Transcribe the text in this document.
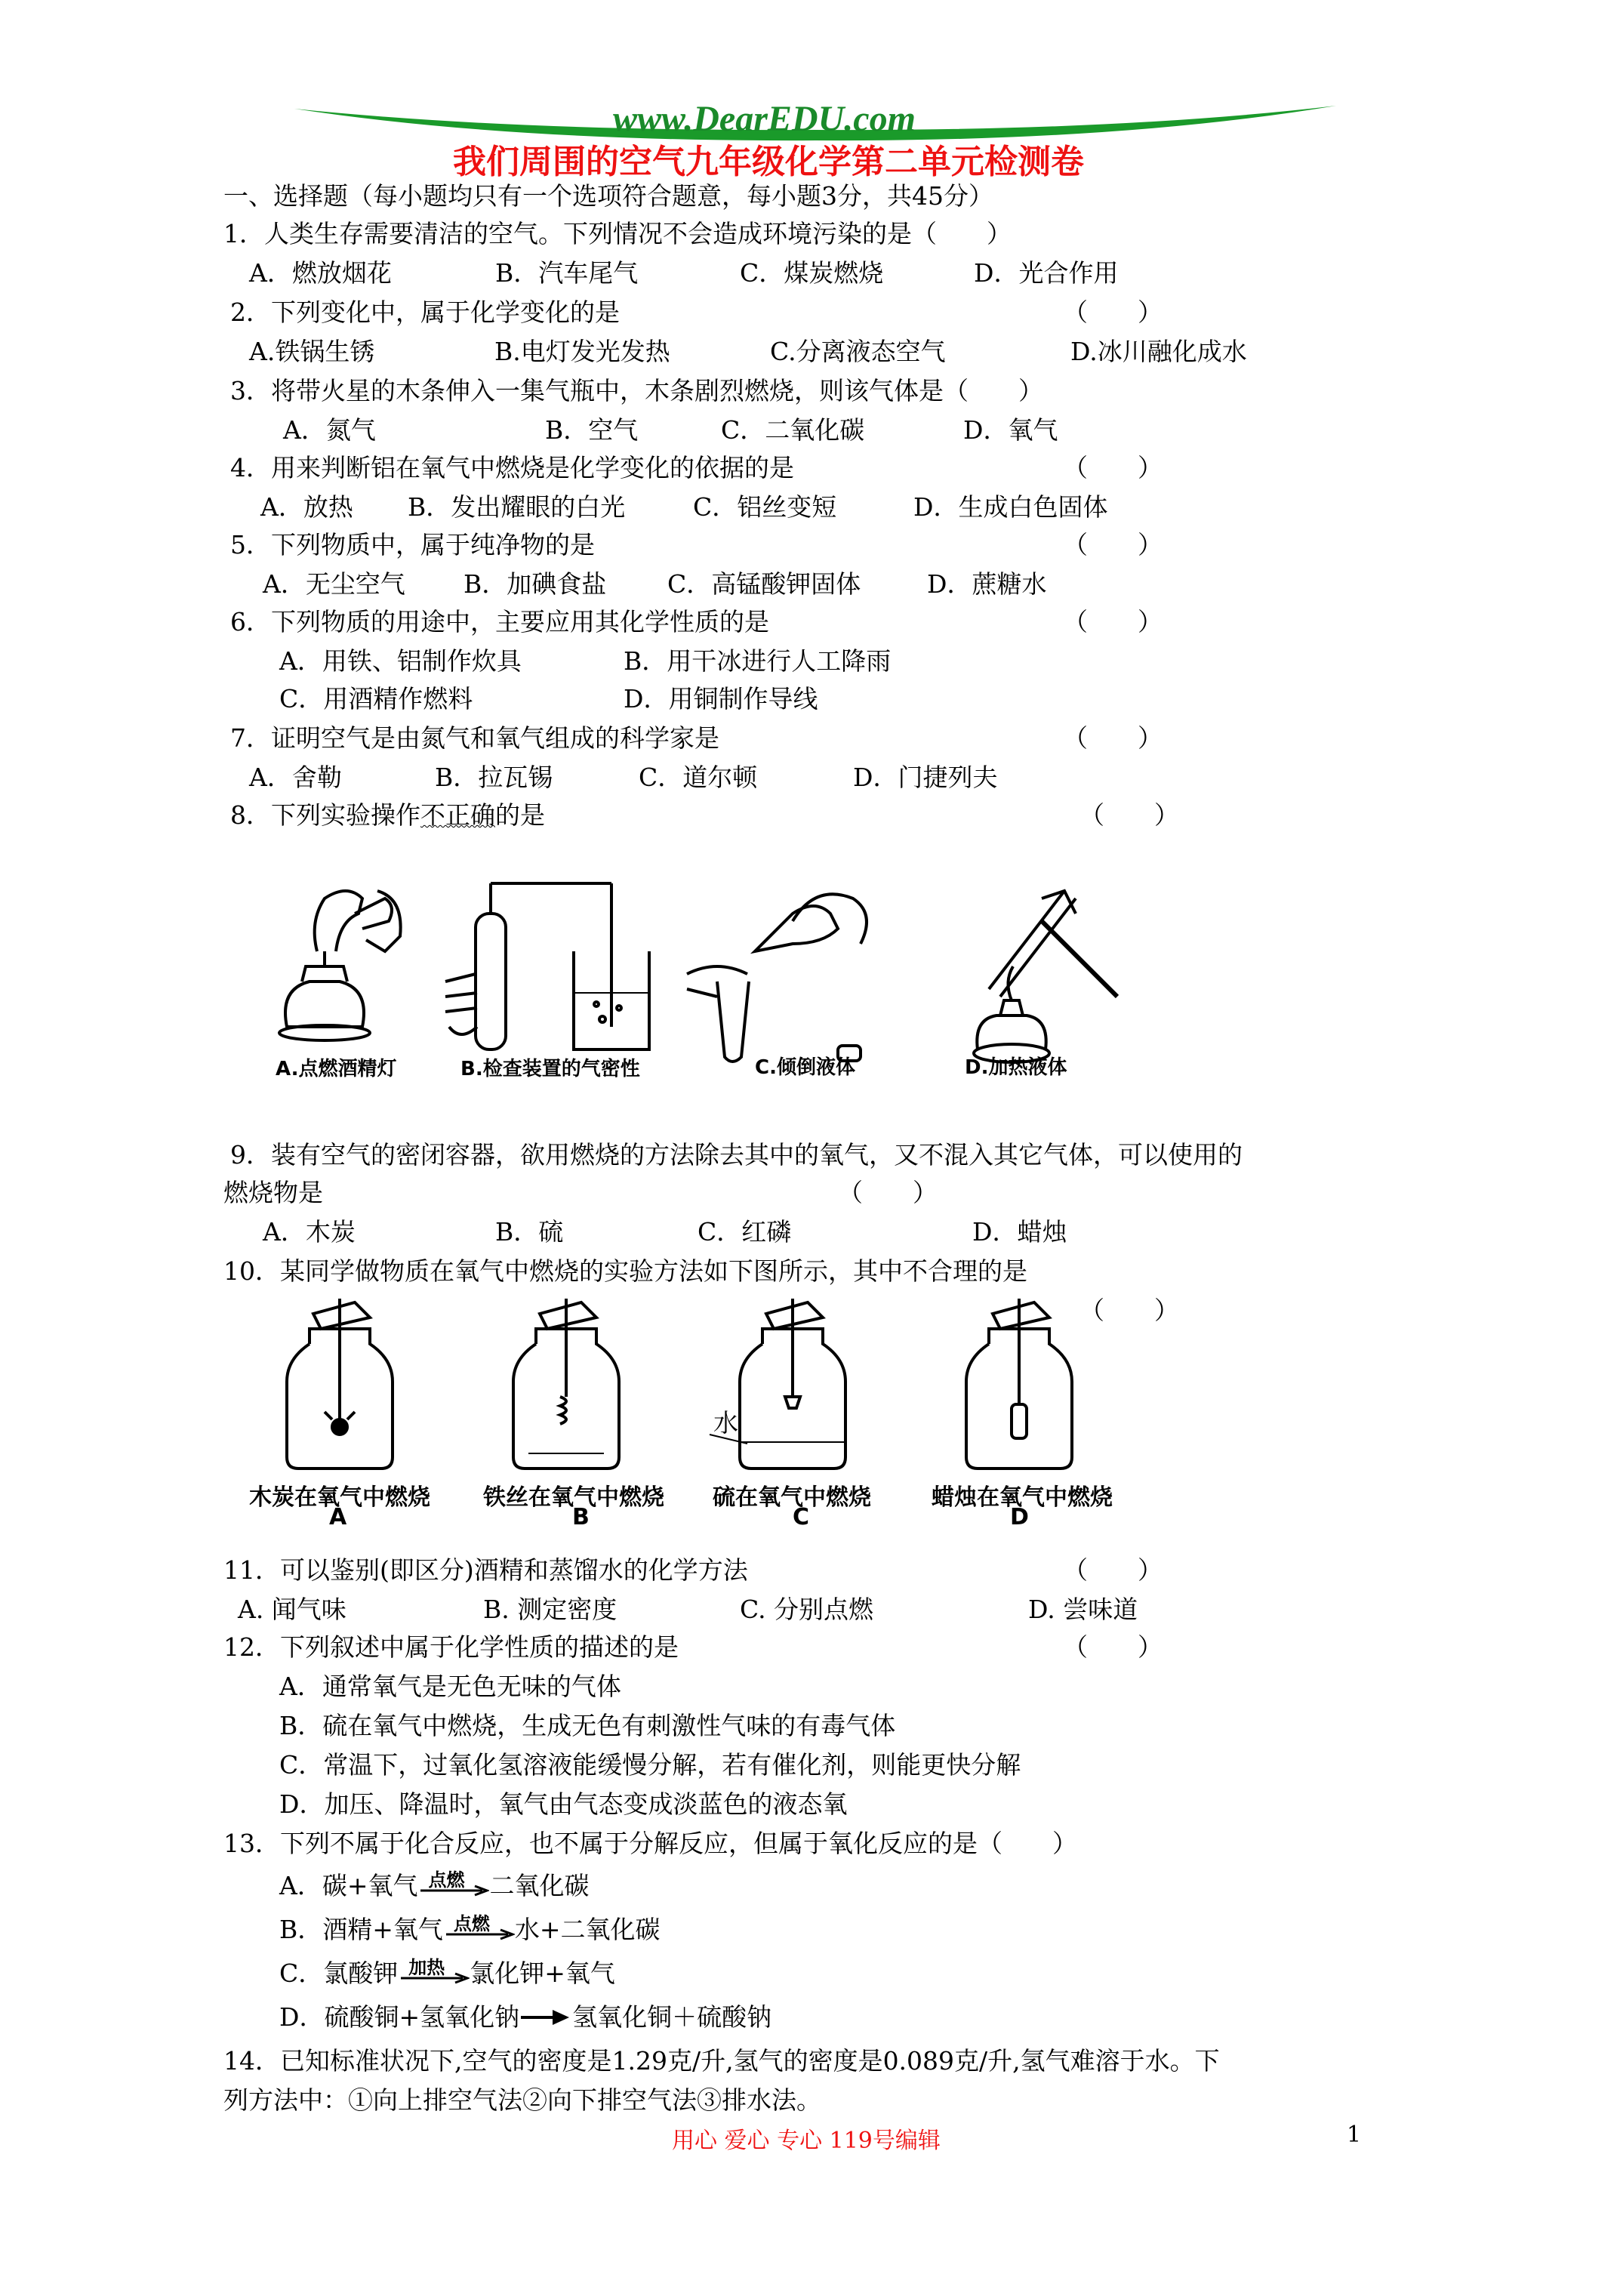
www.DearEDU.com
我们周围的空气九年级化学第二单元检测卷
一、选择题（每小题均只有一个选项符合题意，每小题3分，共45分）
1．人类生存需要清洁的空气。下列情况不会造成环境污染的是（　　）
A．燃放烟花	B．汽车尾气	C．煤炭燃烧	D．光合作用
2．下列变化中，属于化学变化的是	（　　）
A.铁锅生锈	B.电灯发光发热	C.分离液态空气	D.冰川融化成水
3．将带火星的木条伸入一集气瓶中，木条剧烈燃烧，则该气体是（　　）
A．氮气	B．空气	C．二氧化碳	D．氧气
4．用来判断铝在氧气中燃烧是化学变化的依据的是	（　　）
A．放热 B．发出耀眼的白光	C．铝丝变短	D．生成白色固体
5．下列物质中，属于纯净物的是	（　　）
A．无尘空气 B．加碘食盐 C．高锰酸钾固体	D．蔗糖水
6．下列物质的用途中，主要应用其化学性质的是	（　　）
A．用铁、铝制作炊具	B．用干冰进行人工降雨
C．用酒精作燃料	D．用铜制作导线
7．证明空气是由氮气和氧气组成的科学家是	（　　）
A．舍勒	B．拉瓦锡	C．道尔顿	D．门捷列夫
8．下列实验操作不正确的是	（　　）
A.点燃酒精灯	B.检查装置的气密性	C.倾倒液体	D.加热液体
9．装有空气的密闭容器，欲用燃烧的方法除去其中的氧气，又不混入其它气体，可以使用的
燃烧物是	（　　）
A．木炭	B．硫	C．红磷	D．蜡烛
10．某同学做物质在氧气中燃烧的实验方法如下图所示，其中不合理的是
（　　）
水
木炭在氧气中燃烧 铁丝在氧气中燃烧 硫在氧气中燃烧	蜡烛在氧气中燃烧
A	B	C	D
11．可以鉴别(即区分)酒精和蒸馏水的化学方法	（　　）
A. 闻气味	B. 测定密度	C. 分别点燃	D. 尝味道
12．下列叙述中属于化学性质的描述的是	（　　）
A．通常氧气是无色无味的气体
B．硫在氧气中燃烧，生成无色有刺激性气味的有毒气体
C．常温下，过氧化氢溶液能缓慢分解，若有催化剂，则能更快分解
D．加压、降温时，氧气由气态变成淡蓝色的液态氧
13．下列不属于化合反应，也不属于分解反应，但属于氧化反应的是（　　）
A．碳+氧气 点燃 二氧化碳
B．酒精+氧气 点燃 水+二氧化碳
C．氯酸钾 加热 氯化钾+氧气
D．硫酸铜+氢氧化钠 氢氧化铜＋硫酸钠
14．已知标准状况下,空气的密度是1.29克/升,氢气的密度是0.089克/升,氢气难溶于水。下
列方法中：①向上排空气法②向下排空气法③排水法。
用心 爱心 专心 119号编辑	1
